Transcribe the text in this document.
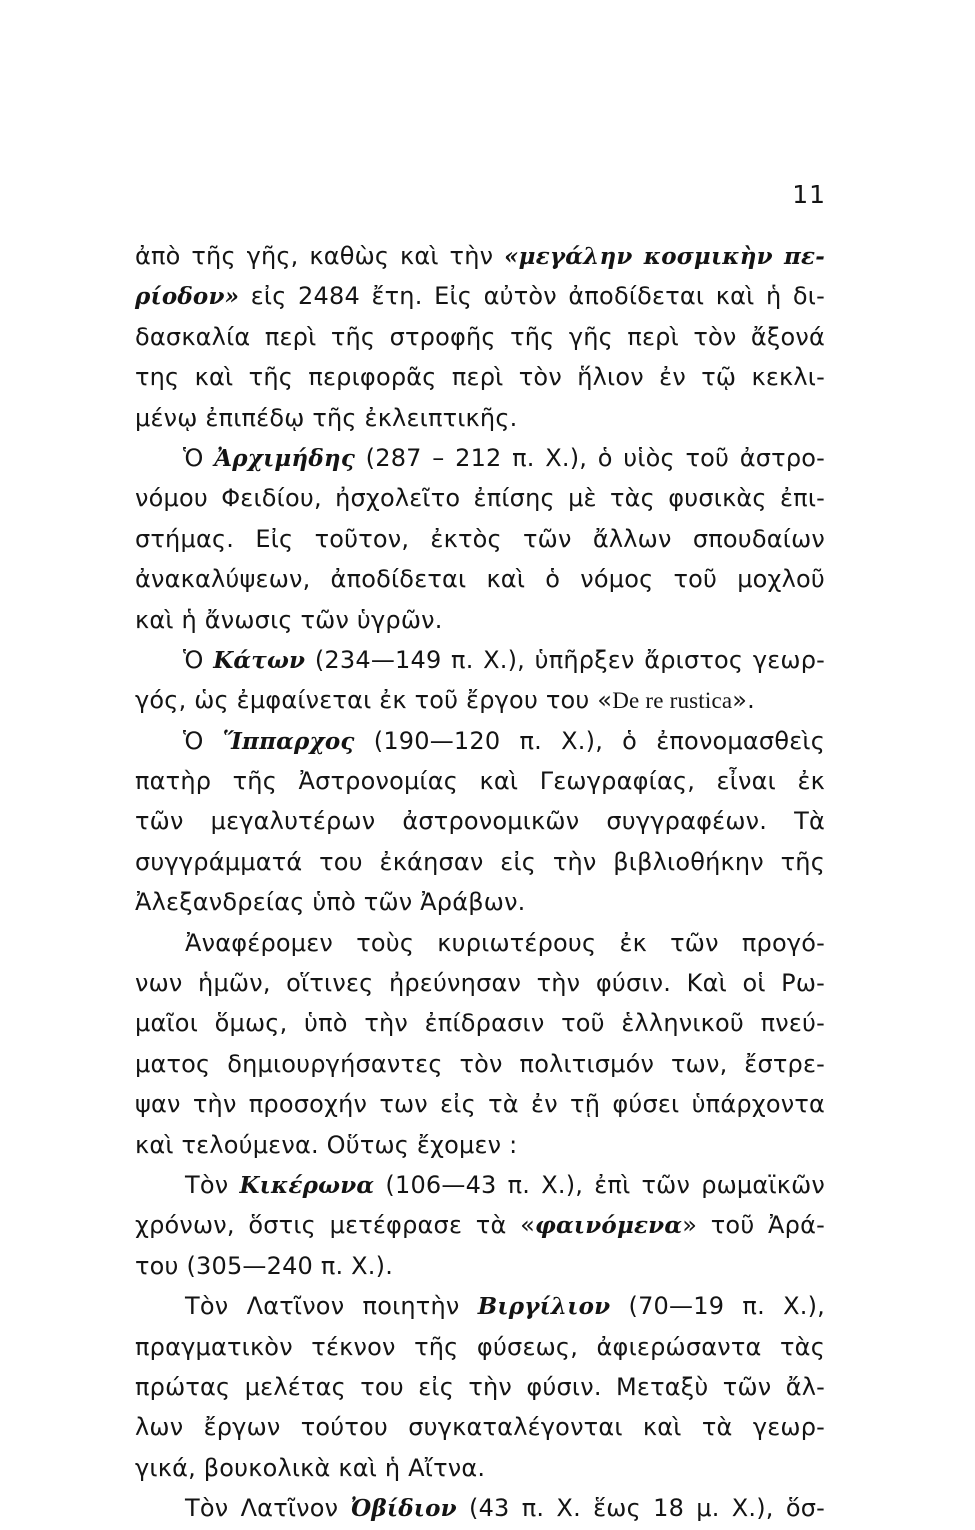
11
ἀπὸ τῆς γῆς, καθὼς καὶ τὴν «μεγάλην κοσμικὴν πε-
ρίοδον» εἰς 2484 ἔτη. Εἰς αὐτὸν ἀποδίδεται καὶ ἡ δι-
δασκαλία περὶ τῆς στροφῆς τῆς γῆς περὶ τὸν ἄξονά
της καὶ τῆς περιφορᾶς περὶ τὸν ἥλιον ἐν τῷ κεκλι-
μένῳ ἐπιπέδῳ τῆς ἐκλειπτικῆς.
Ὁ Ἀρχιμήδης (287 – 212 π. Χ.), ὁ υἱὸς τοῦ ἀστρο-
νόμου Φειδίου, ἠσχολεῖτο ἐπίσης μὲ τὰς φυσικὰς ἐπι-
στήμας. Εἰς τοῦτον, ἐκτὸς τῶν ἄλλων σπουδαίων
ἀνακαλύψεων, ἀποδίδεται καὶ ὁ νόμος τοῦ μοχλοῦ
καὶ ἡ ἄνωσις τῶν ὑγρῶν.
Ὁ Κάτων (234—149 π. Χ.), ὑπῆρξεν ἄριστος γεωρ-
γός, ὡς ἐμφαίνεται ἐκ τοῦ ἔργου του «De re rustica».
Ὁ Ἵππαρχος (190—120 π. Χ.), ὁ ἐπονομασθεὶς
πατὴρ τῆς Ἀστρονομίας καὶ Γεωγραφίας, εἶναι ἐκ
τῶν μεγαλυτέρων ἀστρονομικῶν συγγραφέων. Τὰ
συγγράμματά του ἐκάησαν εἰς τὴν βιβλιοθήκην τῆς
Ἀλεξανδρείας ὑπὸ τῶν Ἀράβων.
Ἀναφέρομεν τοὺς κυριωτέρους ἐκ τῶν προγό-
νων ἡμῶν, οἵτινες ἠρεύνησαν τὴν φύσιν. Καὶ οἱ Ρω-
μαῖοι ὅμως, ὑπὸ τὴν ἐπίδρασιν τοῦ ἑλληνικοῦ πνεύ-
ματος δημιουργήσαντες τὸν πολιτισμόν των, ἔστρε-
ψαν τὴν προσοχήν των εἰς τὰ ἐν τῇ φύσει ὑπάρχοντα
καὶ τελούμενα. Οὕτως ἔχομεν :
Τὸν Κικέρωνα (106—43 π. Χ.), ἐπὶ τῶν ρωμαϊκῶν
χρόνων, ὅστις μετέφρασε τὰ «φαινόμενα» τοῦ Ἀρά-
του (305—240 π. Χ.).
Τὸν Λατῖνον ποιητὴν Βιργίλιον (70—19 π. Χ.),
πραγματικὸν τέκνον τῆς φύσεως, ἀφιερώσαντα τὰς
πρώτας μελέτας του εἰς τὴν φύσιν. Μεταξὺ τῶν ἄλ-
λων ἔργων τούτου συγκαταλέγονται καὶ τὰ γεωρ-
γικά, βουκολικὰ καὶ ἡ Αἴτνα.
Τὸν Λατῖνον Ὀβίδιον (43 π. Χ. ἕως 18 μ. Χ.), ὅσ-
